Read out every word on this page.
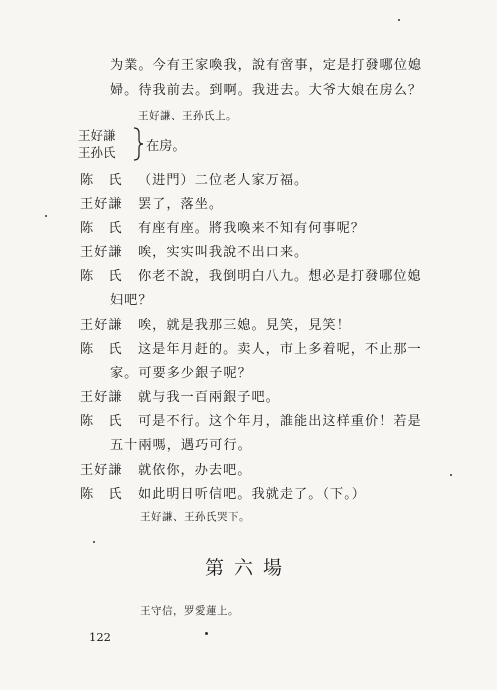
为業。今有王家喚我，說有啻事，定是打發哪位媳
婦。待我前去。到啊。我进去。大爷大娘在房么？
王好謙、王孙氏上。
王好謙
王孙氏 在房。
陈　氏 （进門）二位老人家万福。
王好謙 罢了，落坐。
陈　氏 有座有座。將我喚来不知有何事呢？
王好謙 唉，实实叫我說不出口来。
陈　氏 你老不說，我倒明白八九。想必是打發哪位媳
妇吧？
王好謙 唉，就是我那三媳。見笑，見笑！
陈　氏 这是年月赶的。卖人，市上多着呢，不止那一
家。可要多少銀子呢？
王好謙 就与我一百兩銀子吧。
陈　氏 可是不行。这个年月，誰能出这样重价！若是
五十兩嗎，遇巧可行。
王好謙 就依你，办去吧。
陈　氏 如此明日听信吧。我就走了。（下。）
王好謙、王孙氏哭下。
第六場
王守信，罗愛蓮上。
122
